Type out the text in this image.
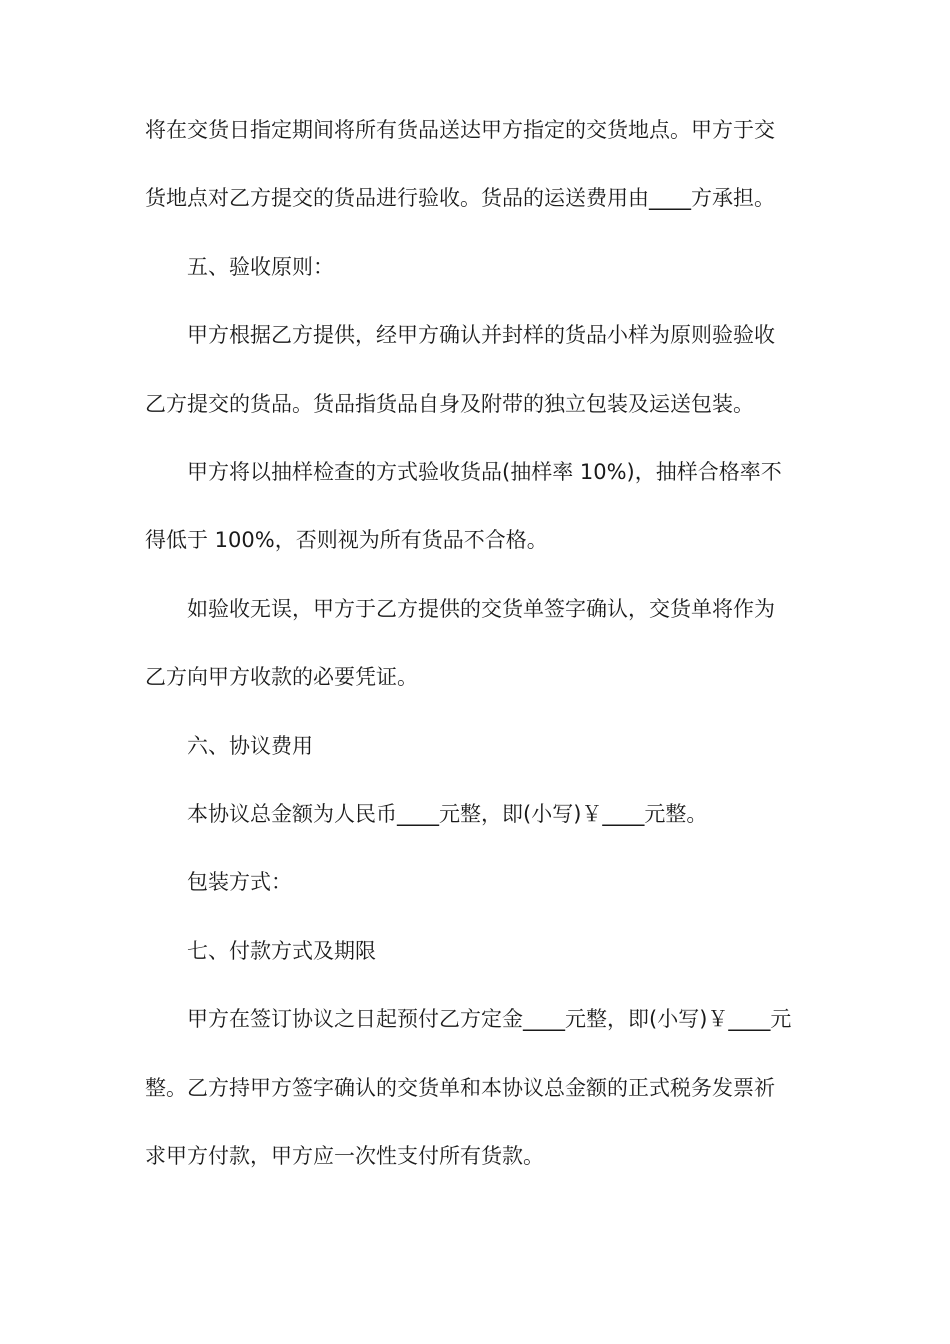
将在交货日指定期间将所有货品送达甲方指定的交货地点。甲方于交
货地点对乙方提交的货品进行验收。货品的运送费用由____方承担。
五、验收原则：
甲方根据乙方提供，经甲方确认并封样的货品小样为原则验验收
乙方提交的货品。货品指货品自身及附带的独立包装及运送包装。
甲方将以抽样检查的方式验收货品(抽样率 10%)，抽样合格率不
得低于 100%，否则视为所有货品不合格。
如验收无误，甲方于乙方提供的交货单签字确认，交货单将作为
乙方向甲方收款的必要凭证。
六、协议费用
本协议总金额为人民币____元整，即(小写)￥____元整。
包装方式：
七、付款方式及期限
甲方在签订协议之日起预付乙方定金____元整，即(小写)￥____元
整。乙方持甲方签字确认的交货单和本协议总金额的正式税务发票祈
求甲方付款，甲方应一次性支付所有货款。
